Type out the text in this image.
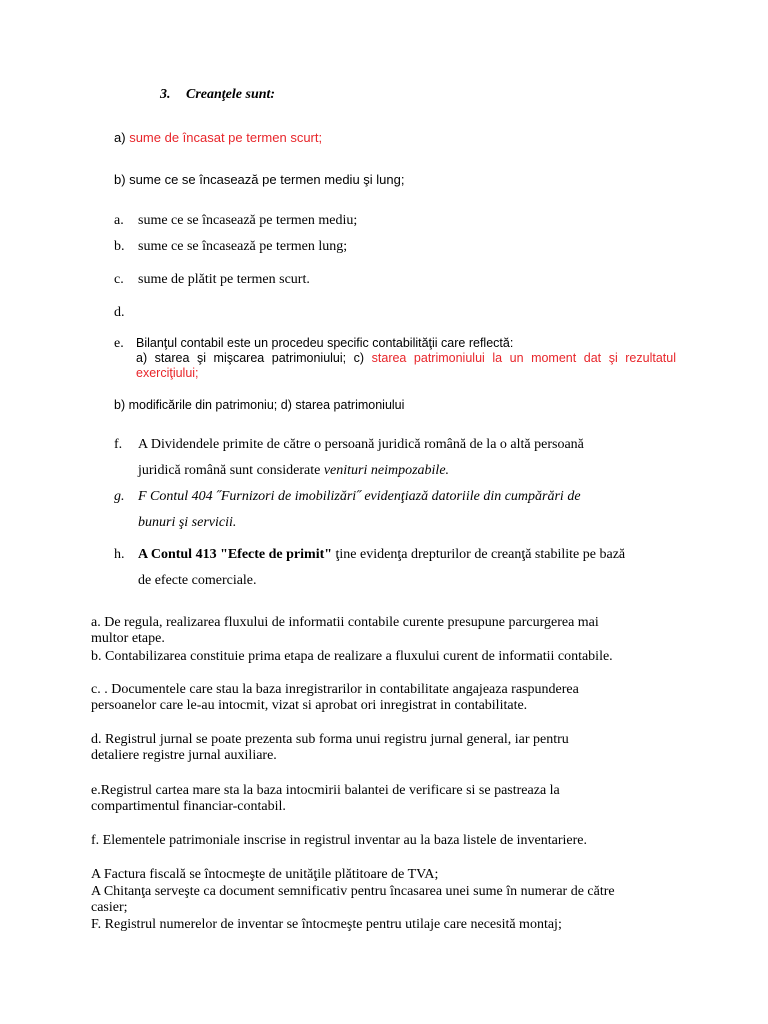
3. Creanţele sunt:
a) sume de încasat pe termen scurt;
b) sume ce se încasează pe termen mediu şi lung;
a. sume ce se încasează pe termen mediu;
b. sume ce se încasează pe termen lung;
c. sume de plătit pe termen scurt.
d.
e. Bilanţul contabil este un procedeu specific contabilităţii care reflectă:
a) starea şi mişcarea patrimoniului; c) starea patrimoniului la un moment dat şi rezultatul
exerciţiului;
b) modificările din patrimoniu; d) starea patrimoniului
f. A Dividendele primite de către o persoană juridică română de la o altă persoană
juridică română sunt considerate venituri neimpozabile.
g. F Contul 404 ˝Furnizori de imobilizări˝ evidenţiază datoriile din cumpărări de
bunuri şi servicii.
h. A Contul 413 "Efecte de primit" ţine evidenţa drepturilor de creanţă stabilite pe bază
de efecte comerciale.
a. De regula, realizarea fluxului de informatii contabile curente presupune parcurgerea mai
multor etape.
b. Contabilizarea constituie prima etapa de realizare a fluxului curent de informatii contabile.
c. . Documentele care stau la baza inregistrarilor in contabilitate angajeaza raspunderea
persoanelor care le-au intocmit, vizat si aprobat ori inregistrat in contabilitate.
d. Registrul jurnal se poate prezenta sub forma unui registru jurnal general, iar pentru
detaliere registre jurnal auxiliare.
e.Registrul cartea mare sta la baza intocmirii balantei de verificare si se pastreaza la
compartimentul financiar-contabil.
f. Elementele patrimoniale inscrise in registrul inventar au la baza listele de inventariere.
A Factura fiscală se întocmeşte de unităţile plătitoare de TVA;
A Chitanţa serveşte ca document semnificativ pentru încasarea unei sume în numerar de către
casier;
F. Registrul numerelor de inventar se întocmeşte pentru utilaje care necesită montaj;
